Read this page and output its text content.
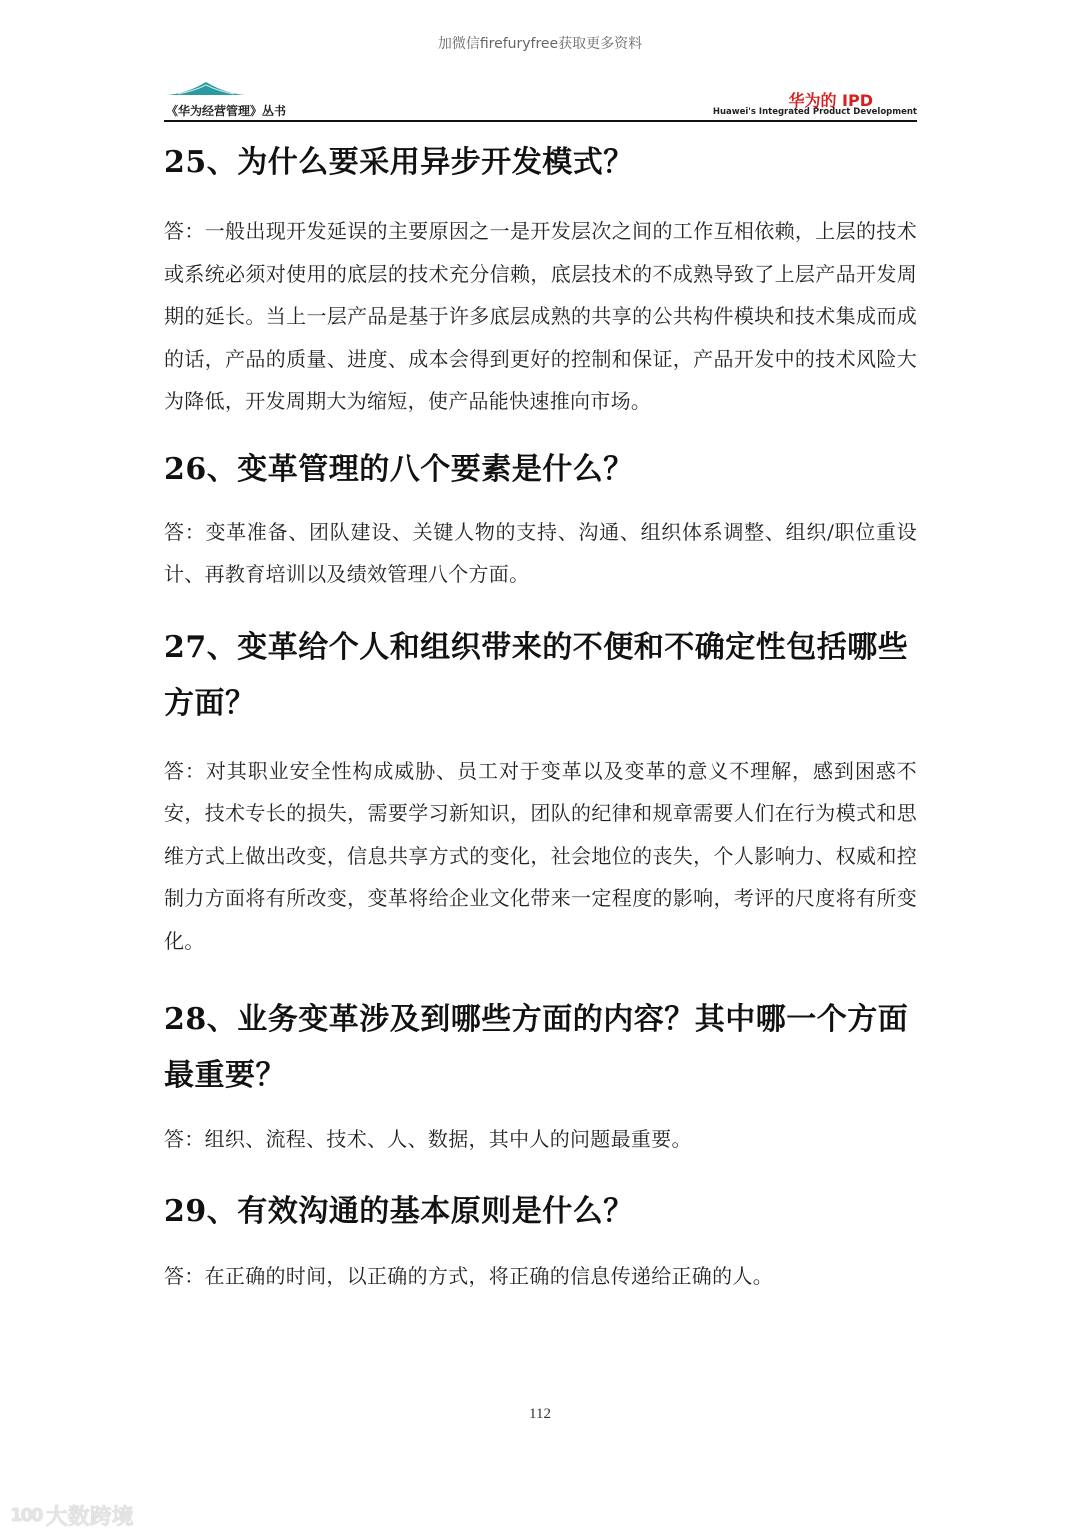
加微信firefuryfree获取更多资料
《华为经营管理》丛书
华为的 IPD
Huawei's Integrated Product Development
25、为什么要采用异步开发模式？

答：一般出现开发延误的主要原因之一是开发层次之间的工作互相依赖，上层的技术或系统必须对使用的底层的技术充分信赖，底层技术的不成熟导致了上层产品开发周期的延长。当上一层产品是基于许多底层成熟的共享的公共构件模块和技术集成而成的话，产品的质量、进度、成本会得到更好的控制和保证，产品开发中的技术风险大为降低，开发周期大为缩短，使产品能快速推向市场。

26、变革管理的八个要素是什么？

答：变革准备、团队建设、关键人物的支持、沟通、组织体系调整、组织/职位重设计、再教育培训以及绩效管理八个方面。

27、变革给个人和组织带来的不便和不确定性包括哪些方面？

答：对其职业安全性构成威胁、员工对于变革以及变革的意义不理解，感到困惑不安，技术专长的损失，需要学习新知识，团队的纪律和规章需要人们在行为模式和思维方式上做出改变，信息共享方式的变化，社会地位的丧失，个人影响力、权威和控制力方面将有所改变，变革将给企业文化带来一定程度的影响，考评的尺度将有所变化。

28、业务变革涉及到哪些方面的内容？其中哪一个方面最重要？

答：组织、流程、技术、人、数据，其中人的问题最重要。

29、有效沟通的基本原则是什么？

答：在正确的时间，以正确的方式，将正确的信息传递给正确的人。

112
100 大数跨境
